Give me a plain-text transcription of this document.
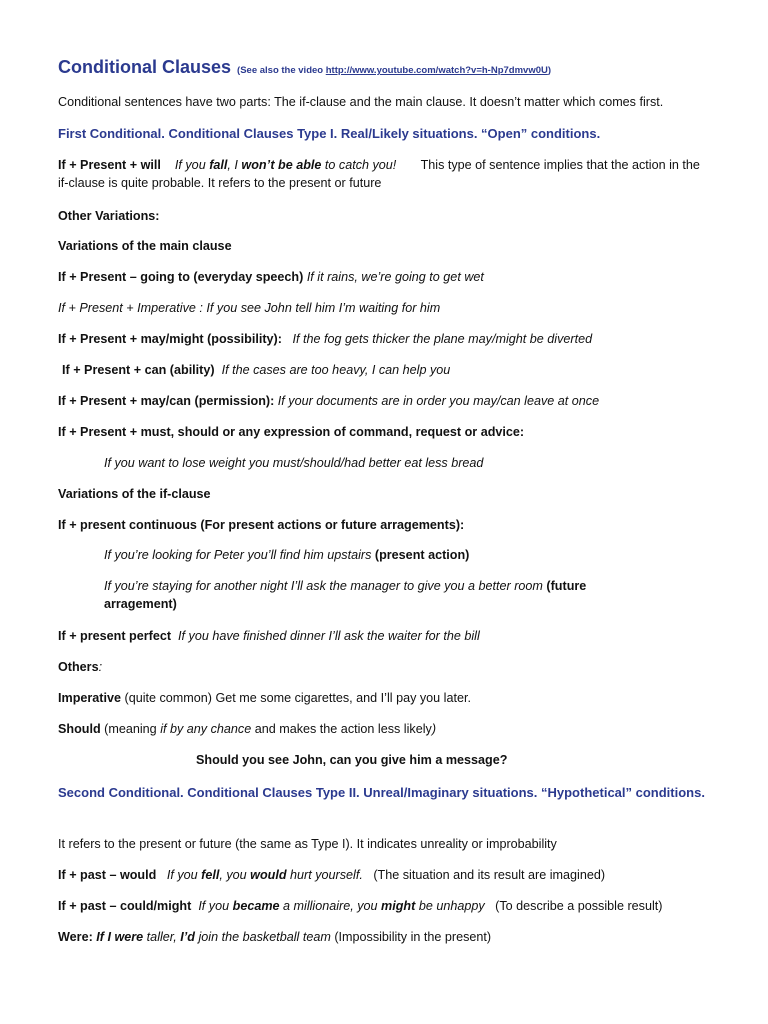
Conditional Clauses (See also the video http://www.youtube.com/watch?v=h-Np7dmvw0U)

Conditional sentences have two parts: The if-clause and the main clause. It doesn’t matter which comes first.

First Conditional. Conditional Clauses Type I. Real/Likely situations. “Open” conditions.

If + Present + will If you fall, I won’t be able to catch you! This type of sentence implies that the action in the if-clause is quite probable. It refers to the present or future

Other Variations:

Variations of the main clause

If + Present – going to (everyday speech) If it rains, we’re going to get wet

If + Present + Imperative : If you see John tell him I’m waiting for him

If + Present + may/might (possibility): If the fog gets thicker the plane may/might be diverted

If + Present + can (ability) If the cases are too heavy, I can help you

If + Present + may/can (permission): If your documents are in order you may/can leave at once

If + Present + must, should or any expression of command, request or advice:

If you want to lose weight you must/should/had better eat less bread

Variations of the if-clause

If + present continuous (For present actions or future arragements):

If you’re looking for Peter you’ll find him upstairs (present action)

If you’re staying for another night I’ll ask the manager to give you a better room (future
arragement)

If + present perfect If you have finished dinner I’ll ask the waiter for the bill

Others:

Imperative (quite common) Get me some cigarettes, and I’ll pay you later.

Should (meaning if by any chance and makes the action less likely)

Should you see John, can you give him a message?

Second Conditional. Conditional Clauses Type II. Unreal/Imaginary situations. “Hypothetical” conditions.

It refers to the present or future (the same as Type I). It indicates unreality or improbability

If + past – would If you fell, you would hurt yourself. (The situation and its result are imagined)

If + past – could/might If you became a millionaire, you might be unhappy (To describe a possible result)

Were: If I were taller, I’d join the basketball team (Impossibility in the present)
